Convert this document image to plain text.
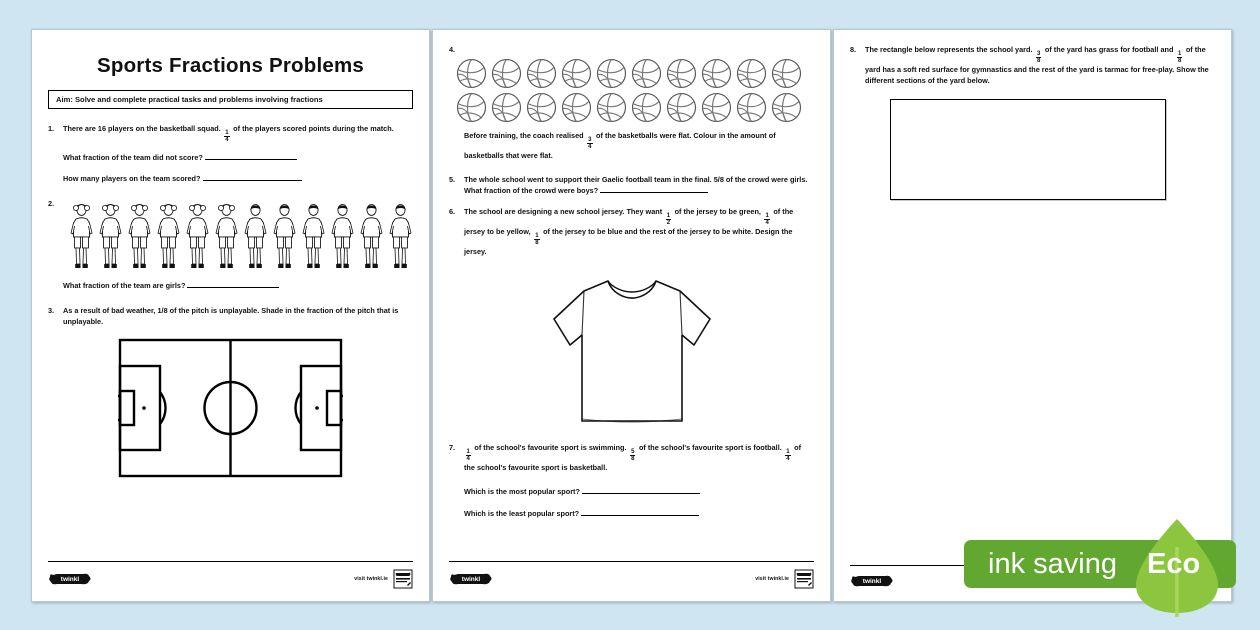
Sports Fractions Problems
Aim: Solve and complete practical tasks and problems involving fractions
1.	There are 16 players on the basketball squad.
$\frac{1}{4}$
of the players scored points during the match.
What fraction of the team did not score?
How many players on the team scored?
2.
What fraction of the team are girls?
3.	As a result of bad weather, 1/8 of the pitch is unplayable. Shade in the fraction of the pitch that is unplayable.
twinkl	visit twinkl.ie
4.
Before training, the coach realised
$\frac{3}{4}$
of the basketballs were flat. Colour in the amount of basketballs that were flat.
5.	The whole school went to support their Gaelic football team in the final. 5/8 of the crowd were girls. What fraction of the crowd were boys?
6.	The school are designing a new school jersey. They want
$\frac{1}{2}$
of the jersey to be green,
$\frac{1}{4}$
of the jersey to be yellow,
$\frac{1}{8}$
of the jersey to be blue and the rest of the jersey to be white. Design the jersey.
7.
$\frac{1}{4}$
of the school's favourite sport is swimming.
$\frac{5}{8}$
of the school's favourite sport is football.
$\frac{1}{4}$
of the school's favourite sport is basketball.
Which is the most popular sport?
Which is the least popular sport?
twinkl	visit twinkl.ie
8.	The rectangle below represents the school yard.
$\frac{3}{8}$
of the yard has grass for football and
$\frac{1}{8}$
of the yard has a soft red surface for gymnastics and the rest of the yard is tarmac for free-play. Show the different sections of the yard below.
twinkl
ink saving Eco
